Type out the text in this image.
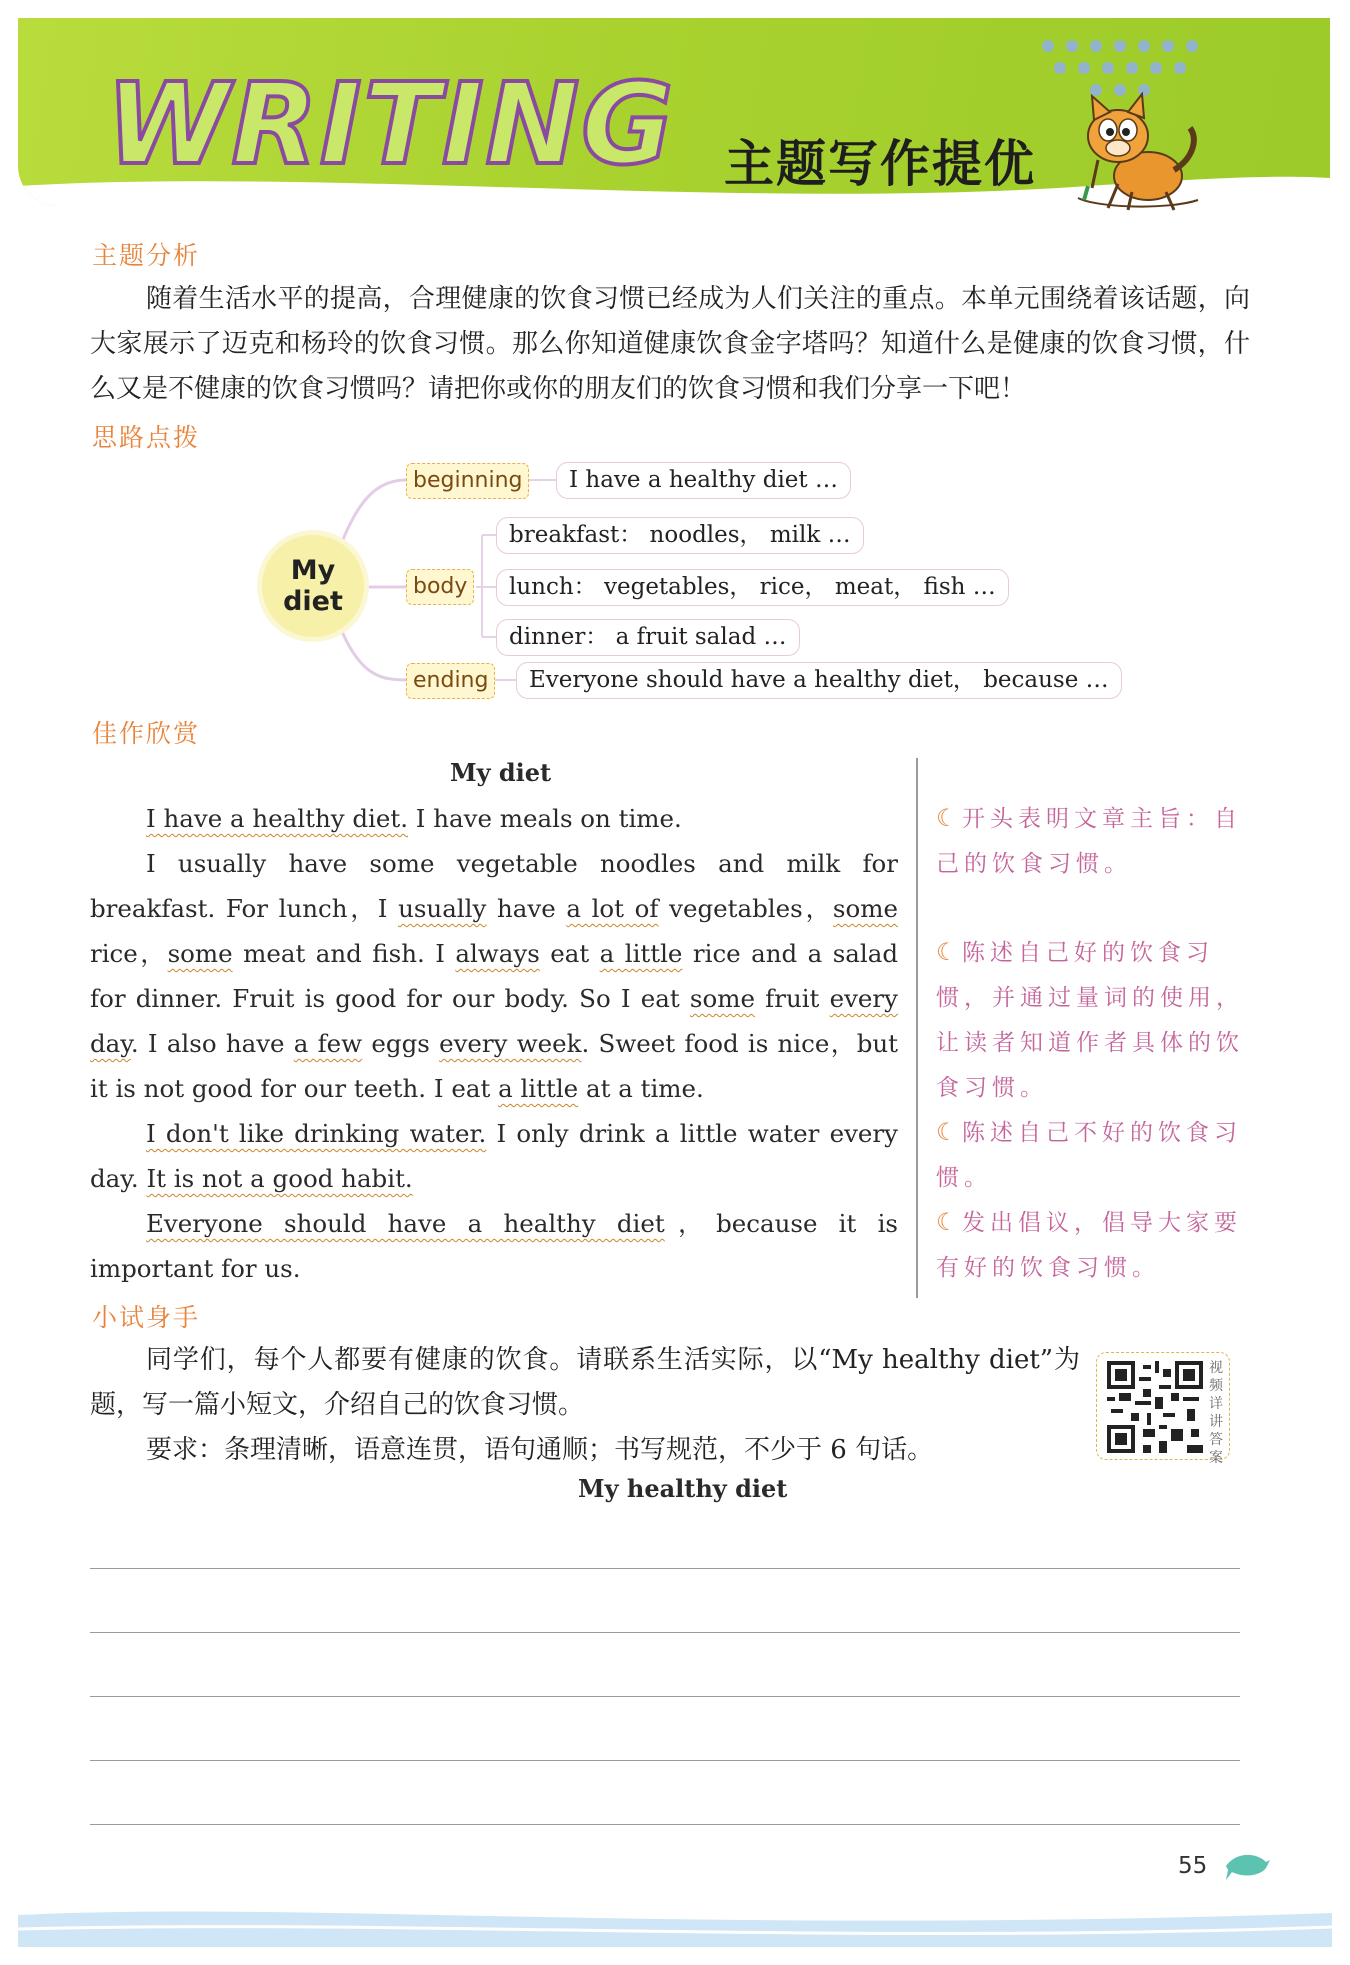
WRITING 主题写作提优
主题分析
随着生活水平的提高，合理健康的饮食习惯已经成为人们关注的重点。本单元围绕着该话题，向大家展示了迈克和杨玲的饮食习惯。那么你知道健康饮食金字塔吗？知道什么是健康的饮食习惯，什么又是不健康的饮食习惯吗？请把你或你的朋友们的饮食习惯和我们分享一下吧！
思路点拨
My
diet
beginning	I have a healthy diet …
body
breakfast： noodles， milk …
lunch： vegetables， rice， meat， fish …
dinner： a fruit salad …
ending	Everyone should have a healthy diet， because …
佳作欣赏
My diet

I have a healthy diet. I have meals on time.

I usually have some vegetable noodles and milk for breakfast. For lunch，I usually have a lot of vegetables，some rice，some meat and fish. I always eat a little rice and a salad for dinner. Fruit is good for our body. So I eat some fruit every day. I also have a few eggs every week. Sweet food is nice，but it is not good for our teeth. I eat a little at a time.

I don't like drinking water. I only drink a little water every day. It is not a good habit.

Everyone should have a healthy diet，because it is important for us.

☾ 开头表明文章主旨：自己的饮食习惯。
☾ 陈述自己好的饮食习惯，并通过量词的使用，让读者知道作者具体的饮食习惯。
☾ 陈述自己不好的饮食习惯。
☾ 发出倡议，倡导大家要有好的饮食习惯。
小试身手
同学们，每个人都要有健康的饮食。请联系生活实际，以“My healthy diet”为题，写一篇小短文，介绍自己的饮食习惯。
要求：条理清晰，语意连贯，语句通顺；书写规范，不少于 6 句话。
视频详讲答案
My healthy diet
55
